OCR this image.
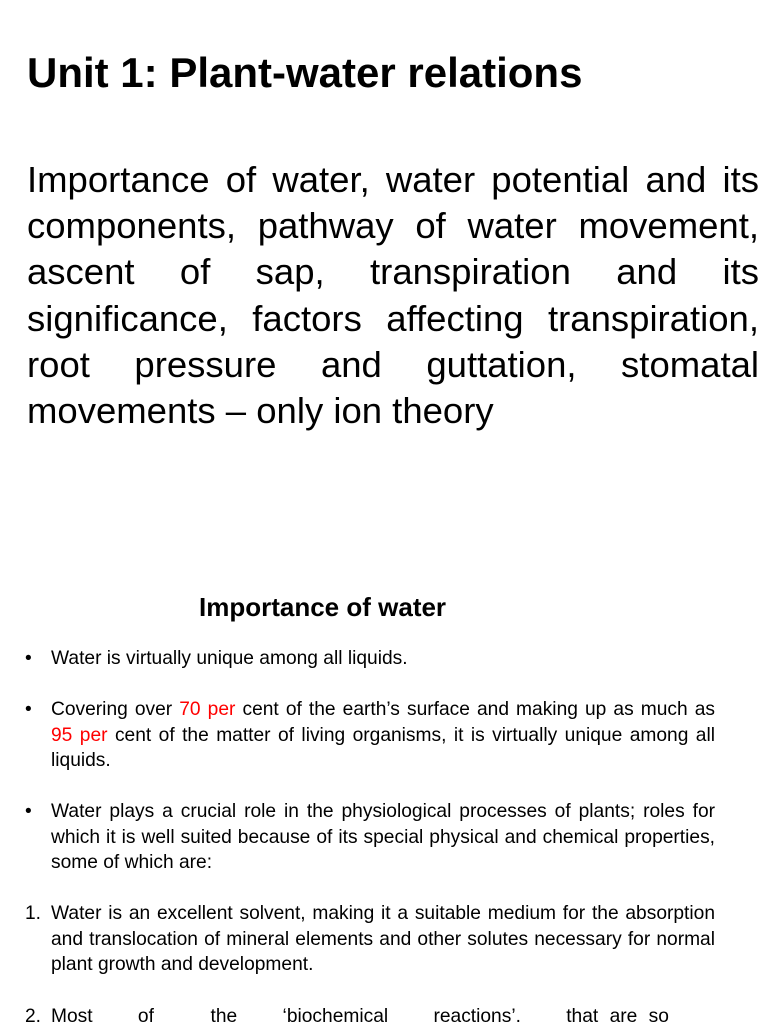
Unit 1: Plant-water relations

Importance of water, water potential and its components, pathway of water movement, ascent of sap, transpiration and its significance, factors affecting transpiration, root pressure and guttation, stomatal movements – only ion theory

Importance of water
• Water is virtually unique among all liquids.

• Covering over 70 per cent of the earth’s surface and making up as much as 95 per cent of the matter of living organisms, it is virtually unique among all liquids.

• Water plays a crucial role in the physiological processes of plants; roles for which it is well suited because of its special physical and chemical properties, some of which are:

1. Water is an excellent solvent, making it a suitable medium for the absorption and translocation of mineral elements and other solutes necessary for normal plant growth and development.

2. Most    of     the    ‘biochemical    reactions’.    that are so
